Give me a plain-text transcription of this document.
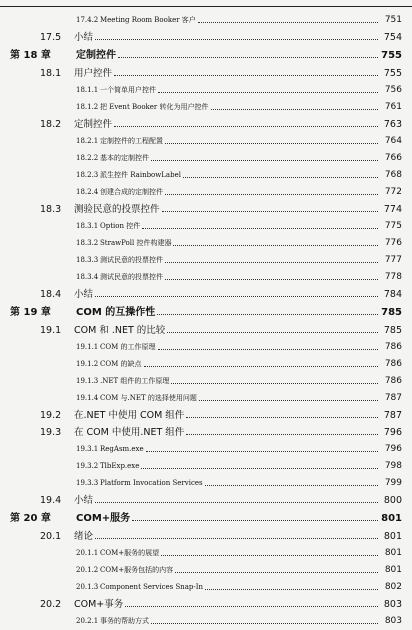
17.4.2 Meeting Room Booker 客户	751
17.5	小结	754
第 18 章	定制控件	755
18.1	用户控件	755
18.1.1 一个简单用户控件	756
18.1.2 把 Event Booker 转化为用户控件	761
18.2	定制控件	763
18.2.1 定制控件的工程配置	764
18.2.2 基本的定制控件	766
18.2.3 派生控件 RainbowLabel	768
18.2.4 创建合成的定制控件	772
18.3	测验民意的投票控件	774
18.3.1 Option 控件	775
18.3.2 StrawPoll 控件构建器	776
18.3.3 测试民意的投票控件	777
18.3.4 测试民意的投票控件	778
18.4	小结	784
第 19 章	COM 的互操作性	785
19.1	COM 和 .NET 的比较	785
19.1.1 COM 的工作原理	786
19.1.2 COM 的缺点	786
19.1.3 .NET 组件的工作原理	786
19.1.4 COM 与.NET 的选择使用问题	787
19.2	在.NET 中使用 COM 组件	787
19.3	在 COM 中使用.NET 组件	796
19.3.1 RegAsm.exe	796
19.3.2 TlbExp.exe	798
19.3.3 Platform Invocation Services	799
19.4	小结	800
第 20 章	COM+服务	801
20.1	绪论	801
20.1.1 COM+服务的展望	801
20.1.2 COM+服务包括的内容	801
20.1.3 Component Services Snap-In	802
20.2	COM+事务	803
20.2.1 事务的帮助方式	803
